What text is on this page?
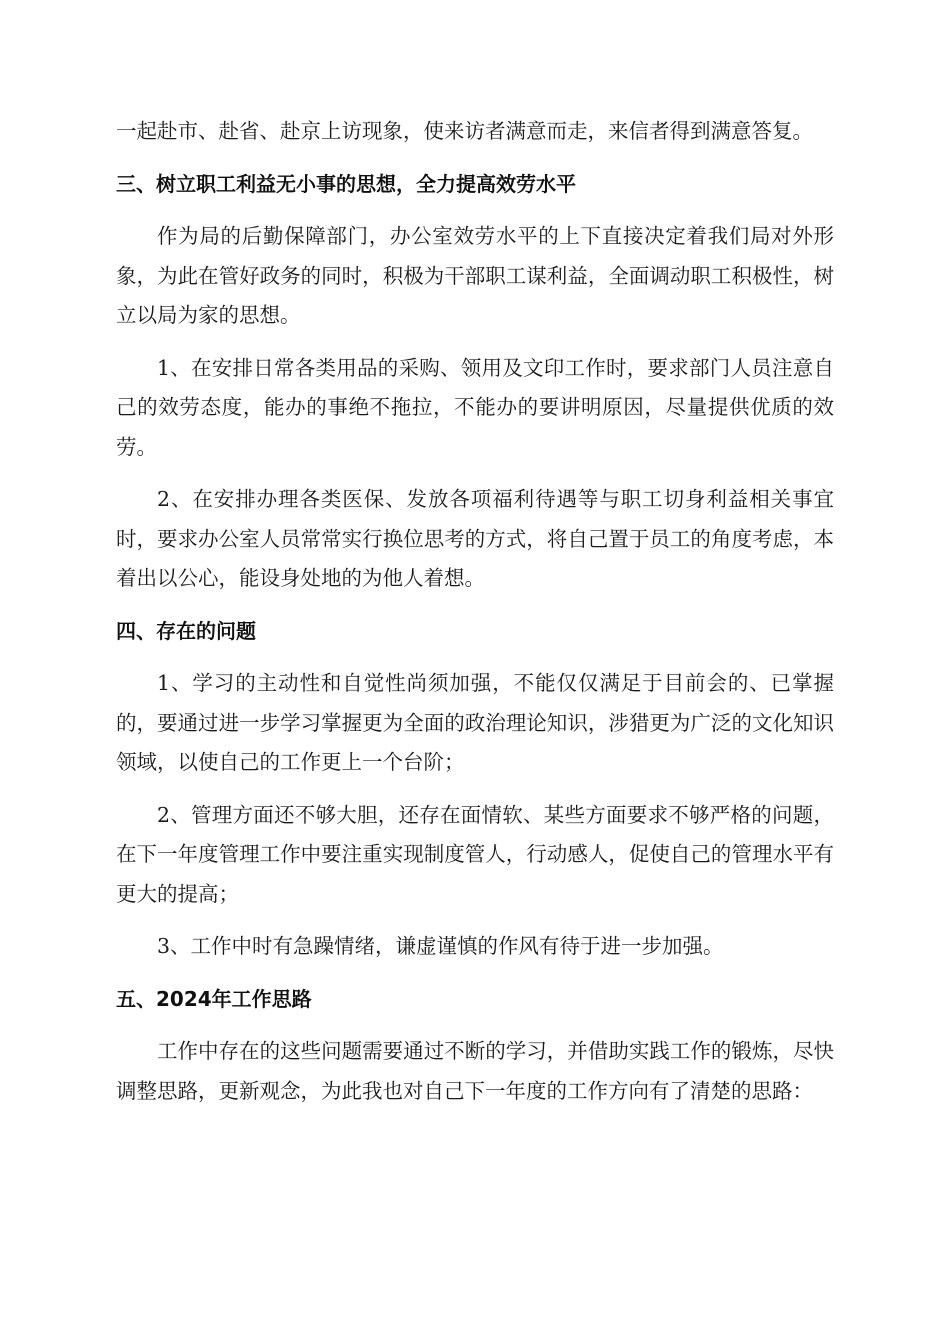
一起赴市、赴省、赴京上访现象，使来访者满意而走，来信者得到满意答复。

三、树立职工利益无小事的思想，全力提高效劳水平

作为局的后勤保障部门，办公室效劳水平的上下直接决定着我们局对外形象，为此在管好政务的同时，积极为干部职工谋利益，全面调动职工积极性，树立以局为家的思想。

1、在安排日常各类用品的采购、领用及文印工作时，要求部门人员注意自己的效劳态度，能办的事绝不拖拉，不能办的要讲明原因，尽量提供优质的效劳。

2、在安排办理各类医保、发放各项福利待遇等与职工切身利益相关事宜时，要求办公室人员常常实行换位思考的方式，将自己置于员工的角度考虑，本着出以公心，能设身处地的为他人着想。

四、存在的问题

1、学习的主动性和自觉性尚须加强，不能仅仅满足于目前会的、已掌握的，要通过进一步学习掌握更为全面的政治理论知识，涉猎更为广泛的文化知识领域，以使自己的工作更上一个台阶；

2、管理方面还不够大胆，还存在面情软、某些方面要求不够严格的问题，在下一年度管理工作中要注重实现制度管人，行动感人，促使自己的管理水平有更大的提高；

3、工作中时有急躁情绪，谦虚谨慎的作风有待于进一步加强。

五、2024年工作思路

工作中存在的这些问题需要通过不断的学习，并借助实践工作的锻炼，尽快调整思路，更新观念，为此我也对自己下一年度的工作方向有了清楚的思路：
